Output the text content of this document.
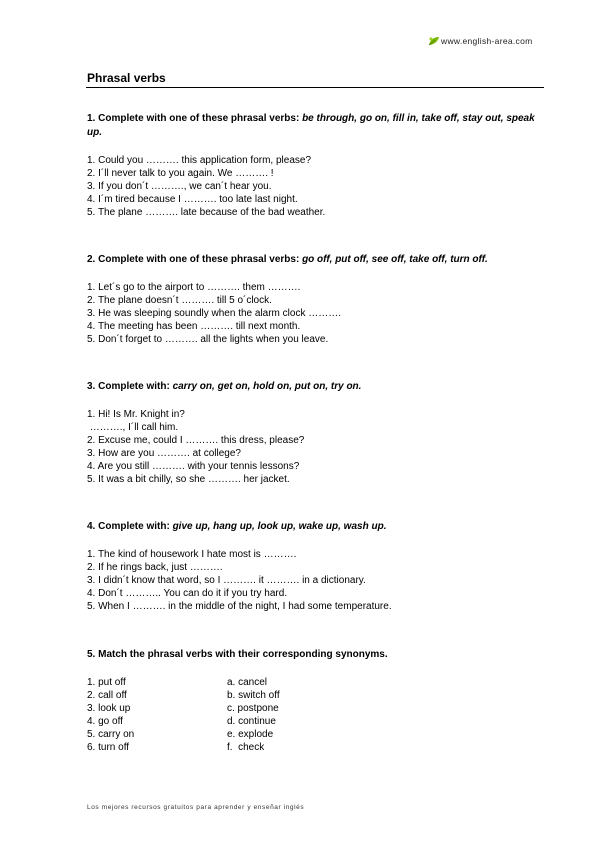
www.english-area.com
Phrasal verbs

1. Complete with one of these phrasal verbs: be through, go on, fill in, take off, stay out, speak up.

1. Could you ………. this application form, please?
2. I´ll never talk to you again. We ………. !
3. If you don´t ………., we can´t hear you.
4. I´m tired because I ………. too late last night.
5. The plane ………. late because of the bad weather.

2. Complete with one of these phrasal verbs: go off, put off, see off, take off, turn off.

1. Let´s go to the airport to ………. them ……….
2. The plane doesn´t ………. till 5 o´clock.
3. He was sleeping soundly when the alarm clock ……….
4. The meeting has been ………. till next month.
5. Don´t forget to ………. all the lights when you leave.

3. Complete with: carry on, get on, hold on, put on, try on.

1. Hi! Is Mr. Knight in?
………., I´ll call him.
2. Excuse me, could I ………. this dress, please?
3. How are you ………. at college?
4. Are you still ………. with your tennis lessons?
5. It was a bit chilly, so she ………. her jacket.

4. Complete with: give up, hang up, look up, wake up, wash up.

1. The kind of housework I hate most is ……….
2. If he rings back, just ……….
3. I didn´t know that word, so I ………. it ………. in a dictionary.
4. Don´t ……….. You can do it if you try hard.
5. When I ………. in the middle of the night, I had some temperature.

5. Match the phrasal verbs with their corresponding synonyms.

1. put off	a. cancel
2. call off	b. switch off
3. look up	c. postpone
4. go off	d. continue
5. carry on	e. explode
6. turn off	f.  check
Los mejores recursos gratuitos para aprender y enseñar inglés
